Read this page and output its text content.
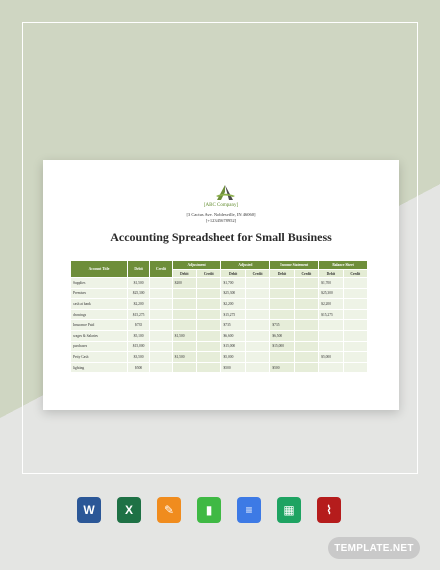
[ABC Company]
[3 Cactus Ave. Noblesville, IN 46060]
[+12345678952]
Accounting Spreadsheet for Small Business
Account Title	Debit	Credit	Adjustment		Adjusted		Income Statement		Balance Sheet	
			Debit	Credit	Debit	Credit	Debit	Credit	Debit	Credit
Supplies	$1,500		$200		$1,700				$1,700	
Premises	$25,300				$25,300				$25,300	
cash at bank	$2,200				$2,200				$2,200	
drawings	$15,275				$15,275				$15,275	
Insurance Paid	$735				$735		$735			
wages & Salaries	$5,100		$1,500		$6,600		$6,500			
purchases	$15,000				$15,000		$15,000			
Petty Cash	$3,500		$1,500		$5,000				$5,000	
lighting	$500				$500		$500			
W	X	✎	▮	≡	▦	⌇
TEMPLATE.NET
